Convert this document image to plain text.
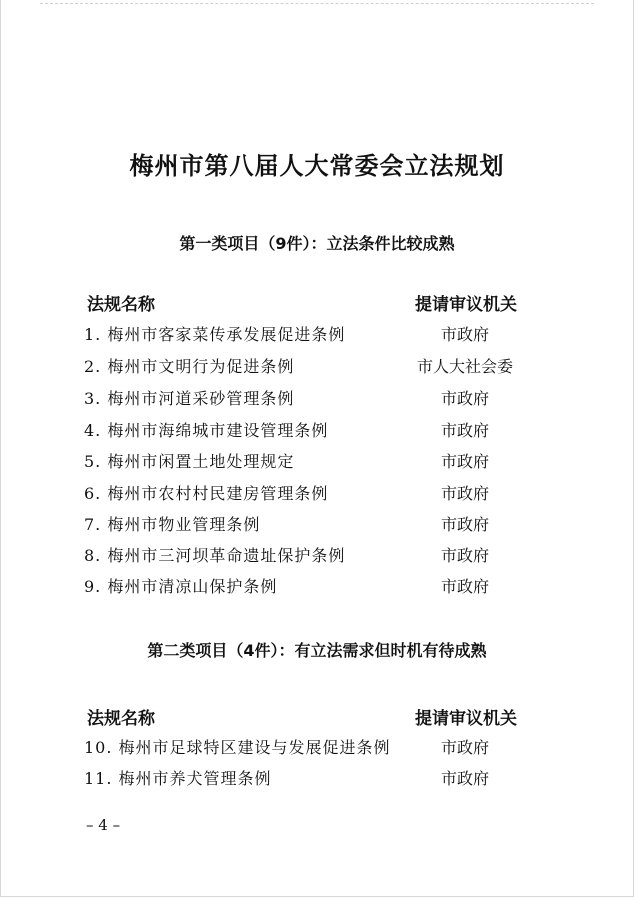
梅州市第八届人大常委会立法规划
第一类项目（9件）：立法条件比较成熟
法规名称	提请审议机关
1. 梅州市客家菜传承发展促进条例	市政府
2. 梅州市文明行为促进条例	市人大社会委
3. 梅州市河道采砂管理条例	市政府
4. 梅州市海绵城市建设管理条例	市政府
5. 梅州市闲置土地处理规定	市政府
6. 梅州市农村村民建房管理条例	市政府
7. 梅州市物业管理条例	市政府
8. 梅州市三河坝革命遗址保护条例	市政府
9. 梅州市清凉山保护条例	市政府
第二类项目（4件）：有立法需求但时机有待成熟
法规名称	提请审议机关
10. 梅州市足球特区建设与发展促进条例	市政府
11. 梅州市养犬管理条例	市政府
– 4 –
